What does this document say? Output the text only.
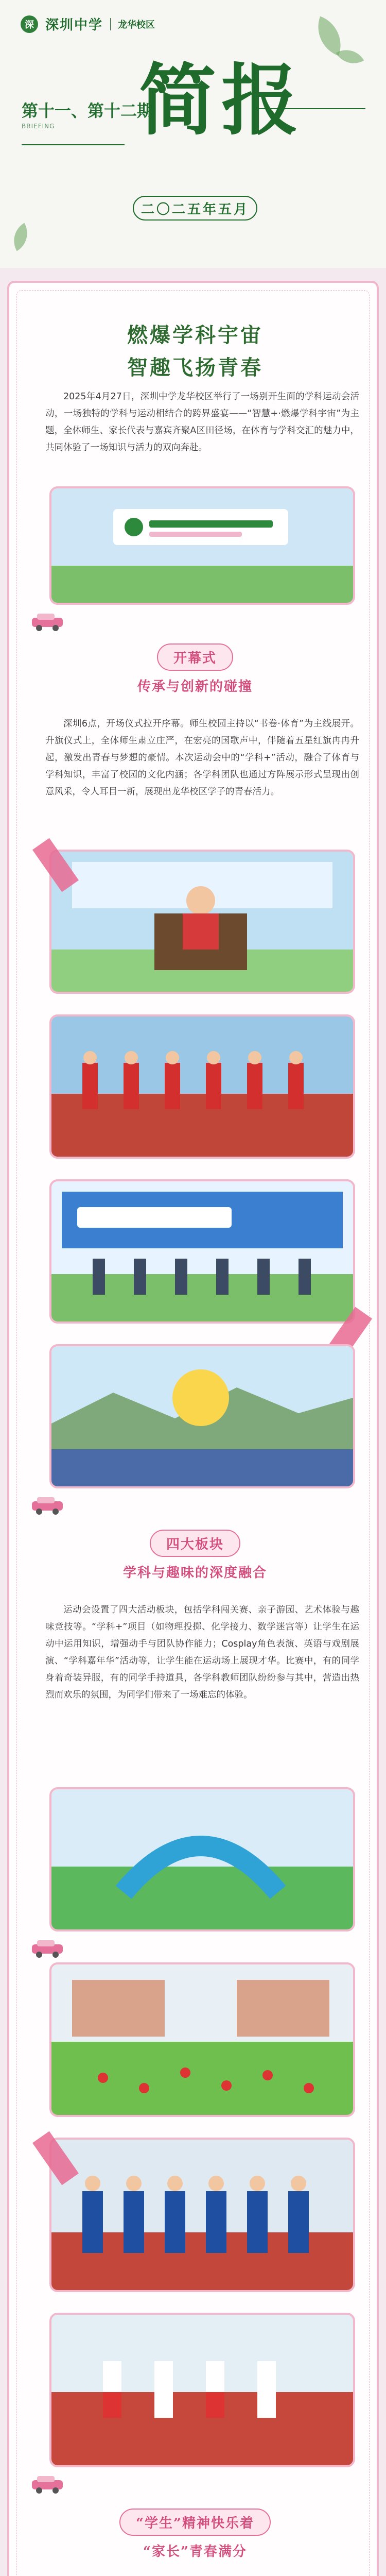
深 深圳中学 龙华校区
第十一、第十二期
BRIEFING 简报
二〇二五年五月
燃爆学科宇宙
智趣飞扬青春
2025年4月27日，深圳中学龙华校区举行了一场别开生面的学科运动会活动，一场独特的学科与运动相结合的跨界盛宴——“智慧+·燃爆学科宇宙”为主题，全体师生、家长代表与嘉宾齐聚A区田径场，在体育与学科交汇的魅力中，共同体验了一场知识与活力的双向奔赴。
开幕式
传承与创新的碰撞
深圳6点，开场仪式拉开序幕。师生校园主持以“书卷·体育”为主线展开。升旗仪式上，全体师生肃立庄严，在宏亮的国歌声中，伴随着五星红旗冉冉升起，激发出青春与梦想的豪情。本次运动会中的“学科+”活动，融合了体育与学科知识，丰富了校园的文化内涵；各学科团队也通过方阵展示形式呈现出创意风采，令人耳目一新，展现出龙华校区学子的青春活力。
四大板块
学科与趣味的深度融合
运动会设置了四大活动板块，包括学科闯关赛、亲子游园、艺术体验与趣味竞技等。“学科+”项目（如物理投掷、化学接力、数学迷宫等）让学生在运动中运用知识，增强动手与团队协作能力；Cosplay角色表演、英语与戏剧展演、“学科嘉年华”活动等，让学生能在运动场上展现才华。比赛中，有的同学身着奇装异服，有的同学手持道具，各学科教师团队纷纷参与其中，营造出热烈而欢乐的氛围，为同学们带来了一场难忘的体验。
“学生”精神快乐着
“家长”青春满分
